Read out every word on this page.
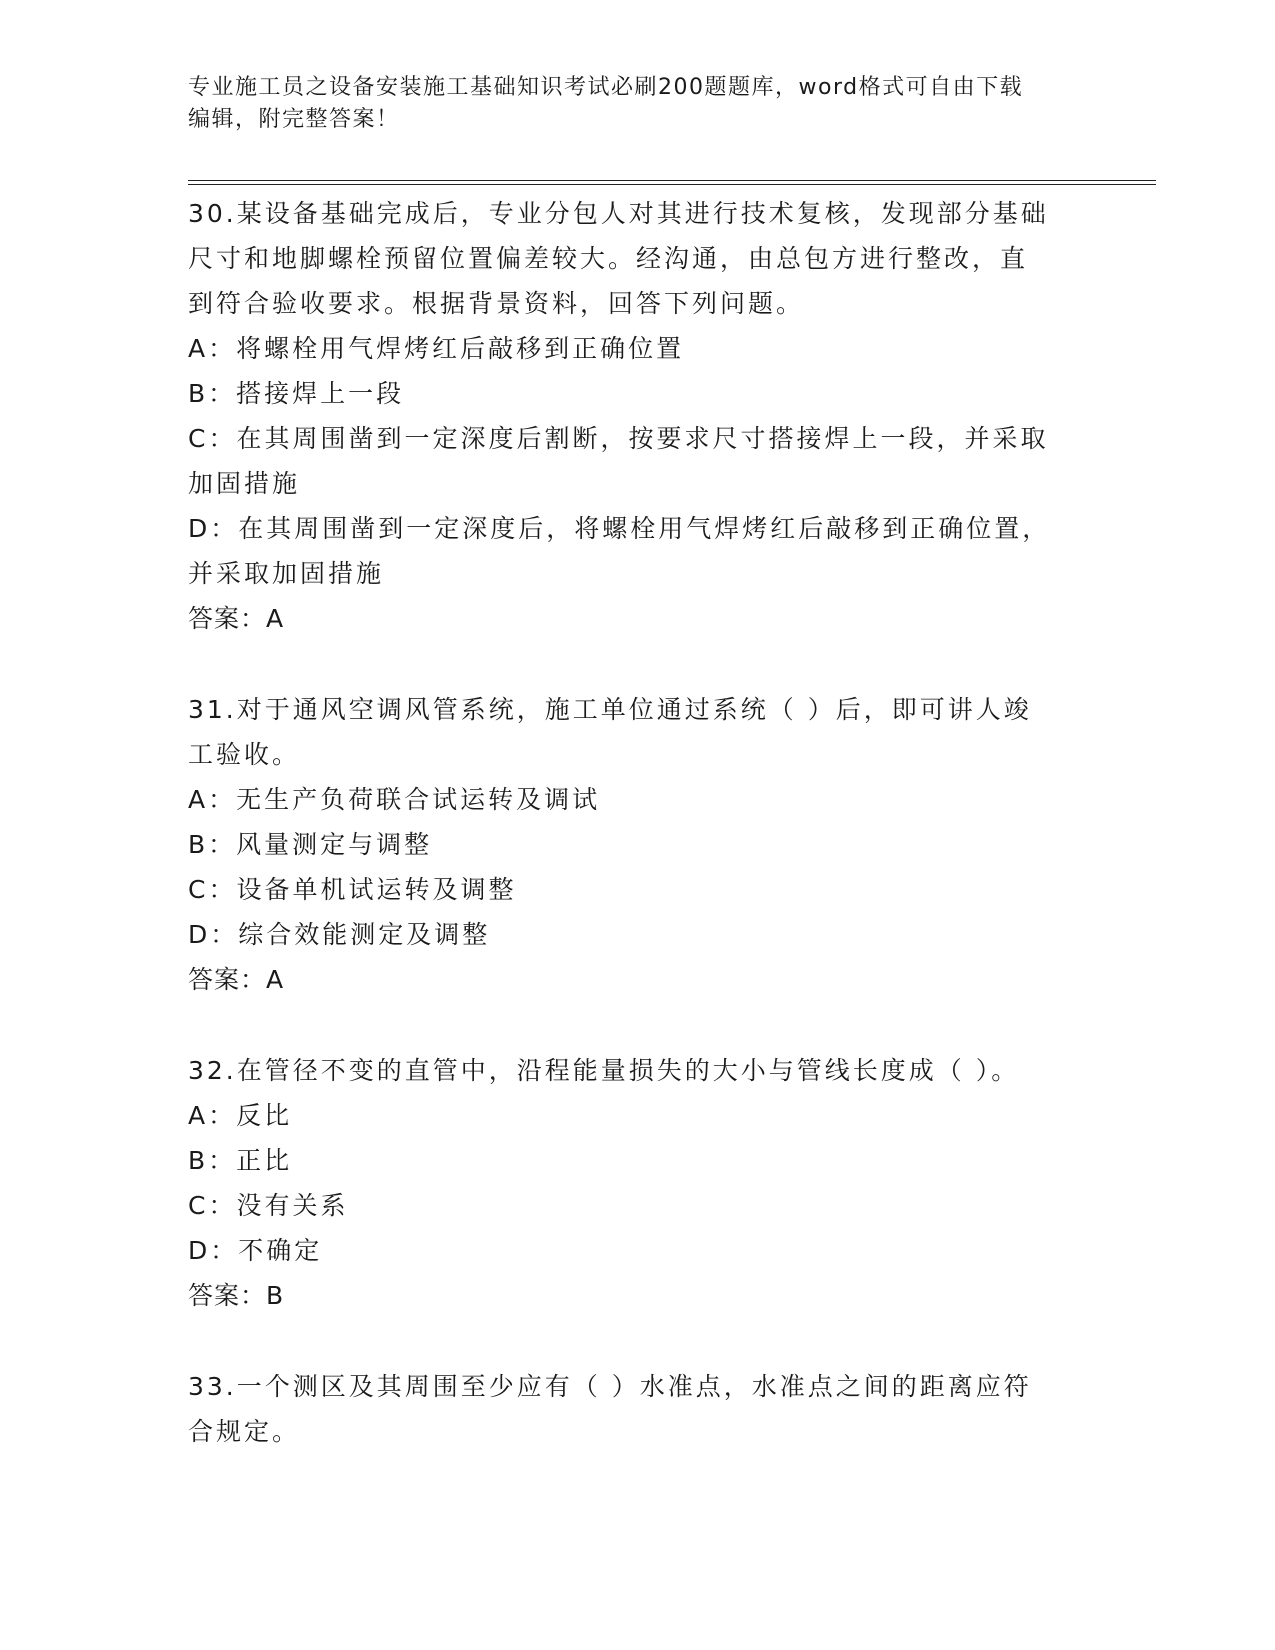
专业施工员之设备安装施工基础知识考试必刷200题题库，word格式可自由下载
编辑，附完整答案！

30.某设备基础完成后，专业分包人对其进行技术复核，发现部分基础

尺寸和地脚螺栓预留位置偏差较大。经沟通，由总包方进行整改，直

到符合验收要求。根据背景资料，回答下列问题。

A：将螺栓用气焊烤红后敲移到正确位置

B：搭接焊上一段

C：在其周围凿到一定深度后割断，按要求尺寸搭接焊上一段，并采取

加固措施

D：在其周围凿到一定深度后，将螺栓用气焊烤红后敲移到正确位置，

并采取加固措施

答案：A

31.对于通风空调风管系统，施工单位通过系统（ ）后，即可讲人竣

工验收。

A：无生产负荷联合试运转及调试

B：风量测定与调整

C：设备单机试运转及调整

D：综合效能测定及调整

答案：A

32.在管径不变的直管中，沿程能量损失的大小与管线长度成（ ）。

A：反比

B：正比

C：没有关系

D：不确定

答案：B

33.一个测区及其周围至少应有（ ）水准点，水准点之间的距离应符

合规定。
